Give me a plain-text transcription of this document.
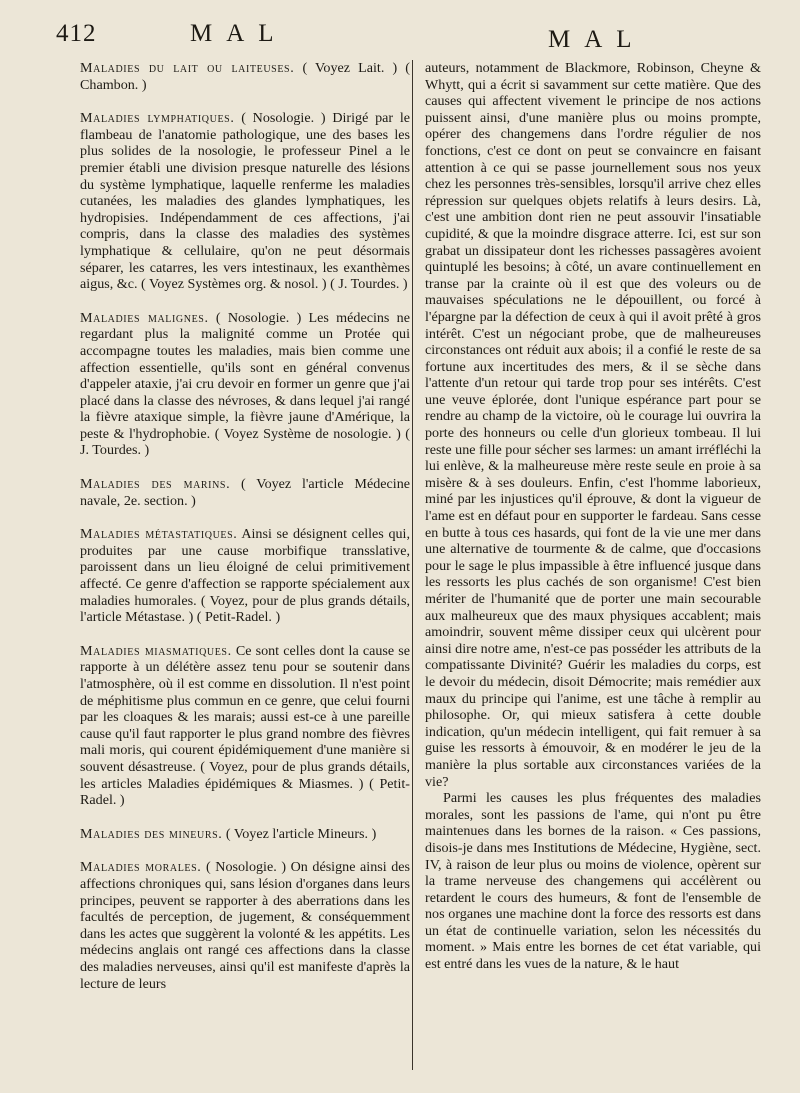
412	MAL	MAL

Maladies du lait ou laiteuses. ( Voyez Lait. ) ( Chambon. )

Maladies lymphatiques. ( Nosologie. ) Dirigé par le flambeau de l'anatomie pathologique, une des bases les plus solides de la nosologie, le professeur Pinel a le premier établi une division presque naturelle des lésions du système lymphatique, laquelle renferme les maladies cutanées, les maladies des glandes lymphatiques, les hydropisies. Indépendamment de ces affections, j'ai compris, dans la classe des maladies des systèmes lymphatique & cellulaire, qu'on ne peut désormais séparer, les catarres, les vers intestinaux, les exanthèmes aigus, &c. ( Voyez Systèmes org. & nosol. ) ( J. Tourdes. )

Maladies malignes. ( Nosologie. ) Les médecins ne regardant plus la malignité comme un Protée qui accompagne toutes les maladies, mais bien comme une affection essentielle, qu'ils sont en général convenus d'appeler ataxie, j'ai cru devoir en former un genre que j'ai placé dans la classe des névroses, & dans lequel j'ai rangé la fièvre ataxique simple, la fièvre jaune d'Amérique, la peste & l'hydrophobie. ( Voyez Système de nosologie. ) ( J. Tourdes. )

Maladies des marins. ( Voyez l'article Médecine navale, 2e. section. )

Maladies métastatiques. Ainsi se désignent celles qui, produites par une cause morbifique transslative, paroissent dans un lieu éloigné de celui primitivement affecté. Ce genre d'affection se rapporte spécialement aux maladies humorales. ( Voyez, pour de plus grands détails, l'article Métastase. ) ( Petit-Radel. )

Maladies miasmatiques. Ce sont celles dont la cause se rapporte à un délétère assez tenu pour se soutenir dans l'atmosphère, où il est comme en dissolution. Il n'est point de méphitisme plus commun en ce genre, que celui fourni par les cloaques & les marais; aussi est-ce à une pareille cause qu'il faut rapporter le plus grand nombre des fièvres mali moris, qui courent épidémiquement d'une manière si souvent désastreuse. ( Voyez, pour de plus grands détails, les articles Maladies épidémiques & Miasmes. ) ( Petit-Radel. )

Maladies des mineurs. ( Voyez l'article Mineurs. )

Maladies morales. ( Nosologie. ) On désigne ainsi des affections chroniques qui, sans lésion d'organes dans leurs principes, peuvent se rapporter à des aberrations dans les facultés de perception, de jugement, & conséquemment dans les actes que suggèrent la volonté & les appétits. Les médecins anglais ont rangé ces affections dans la classe des maladies nerveuses, ainsi qu'il est manifeste d'après la lecture de leurs

auteurs, notamment de Blackmore, Robinson, Cheyne & Whytt, qui a écrit si savamment sur cette matière. Que des causes qui affectent vivement le principe de nos actions puissent ainsi, d'une manière plus ou moins prompte, opérer des changemens dans l'ordre régulier de nos fonctions, c'est ce dont on peut se convaincre en faisant attention à ce qui se passe journellement sous nos yeux chez les personnes très-sensibles, lorsqu'il arrive chez elles répression sur quelques objets relatifs à leurs desirs. Là, c'est une ambition dont rien ne peut assouvir l'insatiable cupidité, & que la moindre disgrace atterre. Ici, est sur son grabat un dissipateur dont les richesses passagères avoient quintuplé les besoins; à côté, un avare continuellement en transe par la crainte où il est que des voleurs ou de mauvaises spéculations ne le dépouillent, ou forcé à l'épargne par la défection de ceux à qui il avoit prêté à gros intérêt. C'est un négociant probe, que de malheureuses circonstances ont réduit aux abois; il a confié le reste de sa fortune aux incertitudes des mers, & il se sèche dans l'attente d'un retour qui tarde trop pour ses intérêts. C'est une veuve éplorée, dont l'unique espérance part pour se rendre au champ de la victoire, où le courage lui ouvrira la porte des honneurs ou celle d'un glorieux tombeau. Il lui reste une fille pour sécher ses larmes: un amant irréfléchi la lui enlève, & la malheureuse mère reste seule en proie à sa misère & à ses douleurs. Enfin, c'est l'homme laborieux, miné par les injustices qu'il éprouve, & dont la vigueur de l'ame est en défaut pour en supporter le fardeau. Sans cesse en butte à tous ces hasards, qui font de la vie une mer dans une alternative de tourmente & de calme, que d'occasions pour le sage le plus impassible à être influencé jusque dans les ressorts les plus cachés de son organisme! C'est bien mériter de l'humanité que de porter une main secourable aux malheureux que des maux physiques accablent; mais amoindrir, souvent même dissiper ceux qui ulcèrent pour ainsi dire notre ame, n'est-ce pas posséder les attributs de la compatissante Divinité? Guérir les maladies du corps, est le devoir du médecin, disoit Démocrite; mais remédier aux maux du principe qui l'anime, est une tâche à remplir au philosophe. Or, qui mieux satisfera à cette double indication, qu'un médecin intelligent, qui fait remuer à sa guise les ressorts à émouvoir, & en modérer le jeu de la manière la plus sortable aux circonstances variées de la vie?

Parmi les causes les plus fréquentes des maladies morales, sont les passions de l'ame, qui n'ont pu être maintenues dans les bornes de la raison. « Ces passions, disois-je dans mes Institutions de Médecine, Hygiène, sect. IV, à raison de leur plus ou moins de violence, opèrent sur la trame nerveuse des changemens qui accélèrent ou retardent le cours des humeurs, & font de l'ensemble de nos organes une machine dont la force des ressorts est dans un état de continuelle variation, selon les nécessités du moment. » Mais entre les bornes de cet état variable, qui est entré dans les vues de la nature, & le haut
